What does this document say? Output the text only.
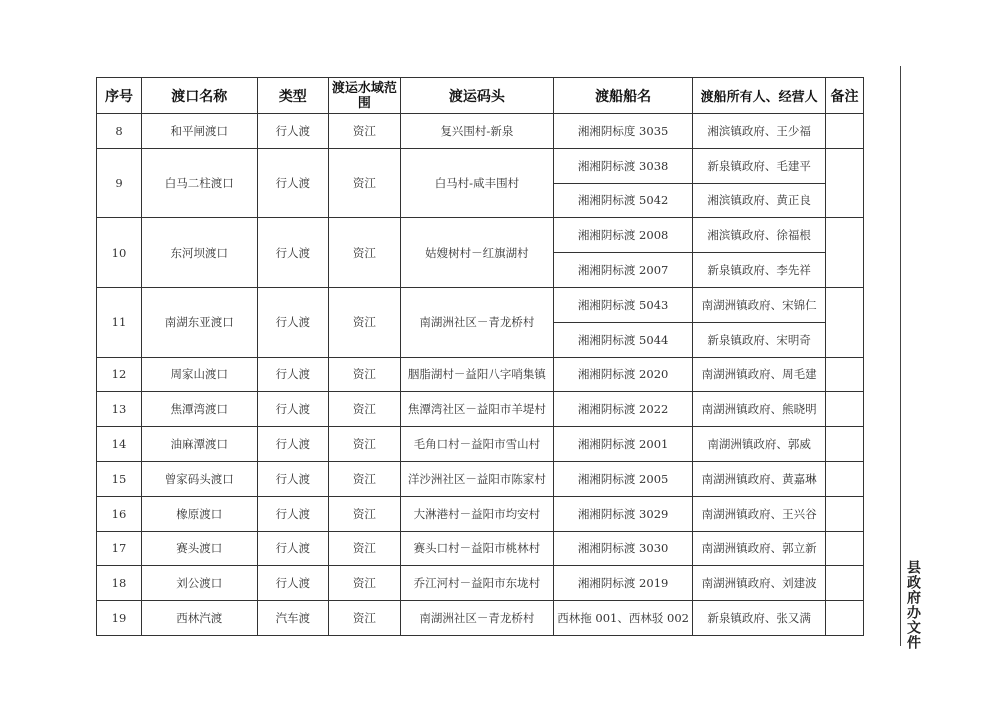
序号	渡口名称	类型	渡运水域范围	渡运码头	渡船船名	渡船所有人、经营人	备注
8	和平闸渡口	行人渡	资江	复兴围村-新泉	湘湘阴标度 3035	湘滨镇政府、王少福	
9	白马二柱渡口	行人渡	资江	白马村-咸丰围村	湘湘阴标渡 3038	新泉镇政府、毛建平	
					湘湘阴标渡 5042	湘滨镇政府、黄正良	
10	东河坝渡口	行人渡	资江	姑嫂树村－红旗湖村	湘湘阴标渡 2008	湘滨镇政府、徐福根	
					湘湘阴标渡 2007	新泉镇政府、李先祥	
11	南湖东亚渡口	行人渡	资江	南湖洲社区－青龙桥村	湘湘阴标渡 5043	南湖洲镇政府、宋锦仁	
					湘湘阴标渡 5044	新泉镇政府、宋明奇	
12	周家山渡口	行人渡	资江	胭脂湖村－益阳八字哨集镇	湘湘阴标渡 2020	南湖洲镇政府、周毛建	
13	焦潭湾渡口	行人渡	资江	焦潭湾社区－益阳市羊堤村	湘湘阴标渡 2022	南湖洲镇政府、熊晓明	
14	油麻潭渡口	行人渡	资江	毛角口村－益阳市雪山村	湘湘阴标渡 2001	南湖洲镇政府、郭威	
15	曾家码头渡口	行人渡	资江	洋沙洲社区－益阳市陈家村	湘湘阴标渡 2005	南湖洲镇政府、黄嘉琳	
16	橡原渡口	行人渡	资江	大淋港村－益阳市均安村	湘湘阴标渡 3029	南湖洲镇政府、王兴谷	
17	赛头渡口	行人渡	资江	赛头口村－益阳市桃林村	湘湘阴标渡 3030	南湖洲镇政府、郭立新	
18	刘公渡口	行人渡	资江	乔江河村－益阳市东垅村	湘湘阴标渡 2019	南湖洲镇政府、刘建波	
19	西林汽渡	汽车渡	资江	南湖洲社区－青龙桥村	西林拖 001、西林驳 002	新泉镇政府、张又满		县政府办文件
